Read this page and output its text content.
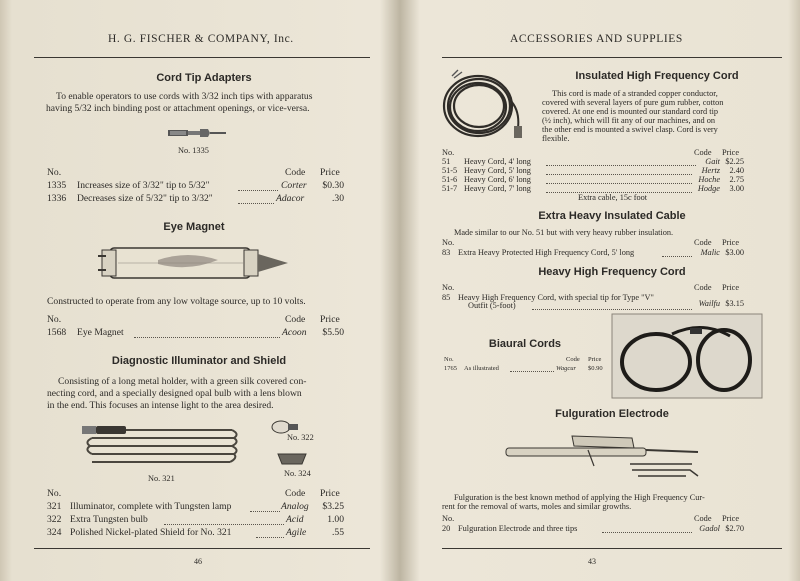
H. G. FISCHER & COMPANY, Inc.
Cord Tip Adapters
To enable operators to use cords with 3/32 inch tips with apparatus
having 5/32 inch binding post or attachment openings, or vice-versa.
No. 1335
No.	Code Price
1335 Increases size of 3/32" tip to 5/32"	Corter	$0.30
1336 Decreases size of 5/32" tip to 3/32"	Adacor	.30
Eye Magnet
Constructed to operate from any low voltage source, up to 10 volts.
No.	Code Price
1568 Eye Magnet	Acoon	$5.50
Diagnostic Illuminator and Shield
Consisting of a long metal holder, with a green silk covered con-
necting cord, and a specially designed opal bulb with a lens blown
in the end. This focuses an intense light to the area desired.
No. 321
No. 322
No. 324
No.	Code Price
321 Illuminator, complete with Tungsten lamp	Analog	$3.25
322 Extra Tungsten bulb	Acid	1.00
324 Polished Nickel-plated Shield for No. 321	Agile	.55
46
ACCESSORIES AND SUPPLIES
Insulated High Frequency Cord
This cord is made of a stranded copper conductor,
covered with several layers of pure gum rubber, cotton
covered. At one end is mounted our standard cord tip
(½ inch), which will fit any of our machines, and on
the other end is mounted a swivel clasp. Cord is very
flexible.
No.	Code Price
51 Heavy Cord, 4' long	Gait $2.25
51-5 Heavy Cord, 5' long	Hertz	2.40
51-6 Heavy Cord, 6' long	Hoche	2.75
51-7 Heavy Cord, 7' long	Hodge	3.00
Extra cable, 15c foot
Extra Heavy Insulated Cable
Made similar to our No. 51 but with very heavy rubber insulation.
No.	Code Price
83 Extra Heavy Protected High Frequency Cord, 5' long	Malic $3.00
Heavy High Frequency Cord
No.	Code Price
85 Heavy High Frequency Cord, with special tip for Type "V"
Outfit (5-foot)	Wailfu $3.15
Biaural Cords
No.	Code Price
1765 As illustrated	Wagcur $0.90
Fulguration Electrode
Fulguration is the best known method of applying the High Frequency Cur-
rent for the removal of warts, moles and similar growths.
No.	Code Price
20 Fulguration Electrode and three tips	Gadol $2.70
43
